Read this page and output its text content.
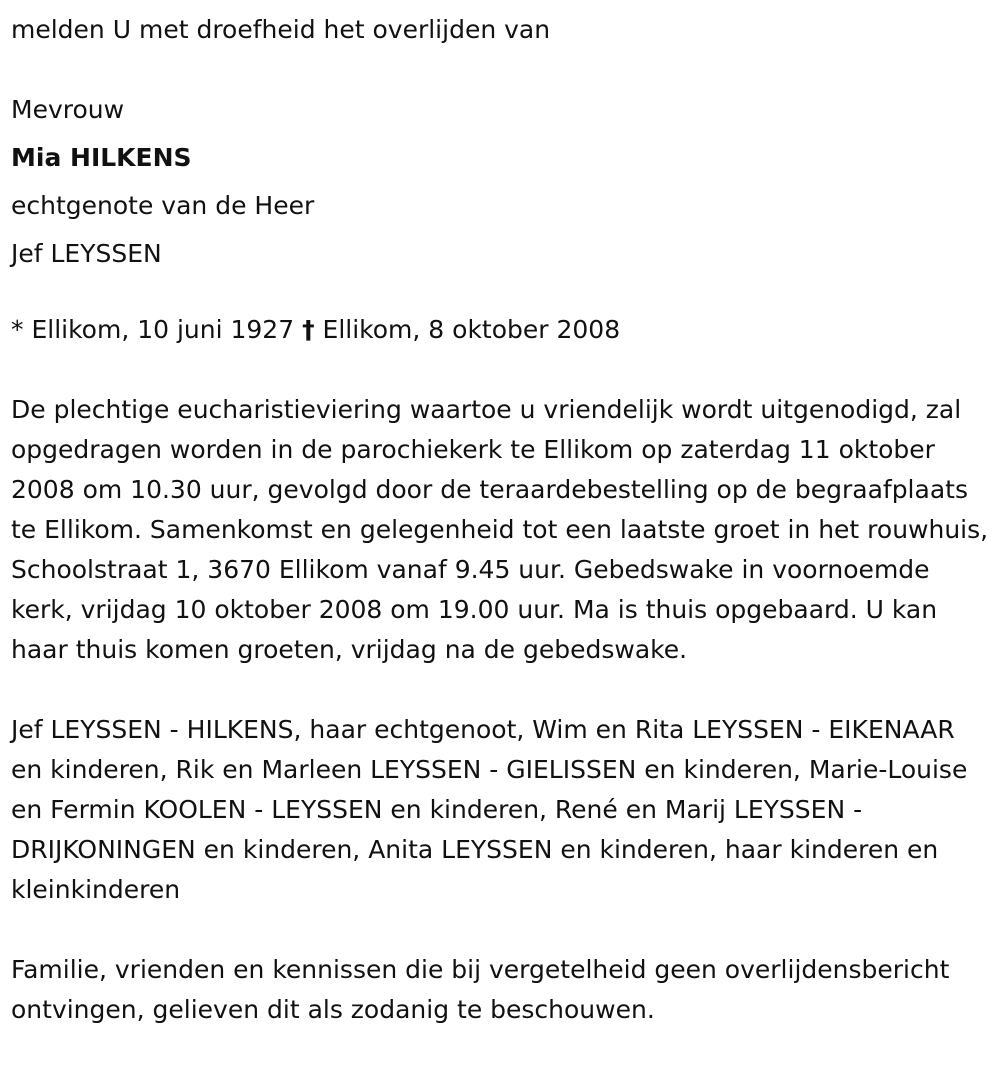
melden U met droefheid het overlijden van

Mevrouw

Mia HILKENS

echtgenote van de Heer

Jef LEYSSEN

* Ellikom, 10 juni 1927 † Ellikom, 8 oktober 2008

De plechtige eucharistieviering waartoe u vriendelijk wordt uitgenodigd, zal opgedragen worden in de parochiekerk te Ellikom op zaterdag 11 oktober 2008 om 10.30 uur, gevolgd door de teraardebestelling op de begraafplaats te Ellikom. Samenkomst en gelegenheid tot een laatste groet in het rouwhuis, Schoolstraat 1, 3670 Ellikom vanaf 9.45 uur. Gebedswake in voornoemde kerk, vrijdag 10 oktober 2008 om 19.00 uur. Ma is thuis opgebaard. U kan haar thuis komen groeten, vrijdag na de gebedswake.

Jef LEYSSEN - HILKENS, haar echtgenoot, Wim en Rita LEYSSEN - EIKENAAR en kinderen, Rik en Marleen LEYSSEN - GIELISSEN en kinderen, Marie-Louise en Fermin KOOLEN - LEYSSEN en kinderen, René en Marij LEYSSEN - DRIJKONINGEN en kinderen, Anita LEYSSEN en kinderen, haar kinderen en kleinkinderen

Familie, vrienden en kennissen die bij vergetelheid geen overlijdensbericht ontvingen, gelieven dit als zodanig te beschouwen.
